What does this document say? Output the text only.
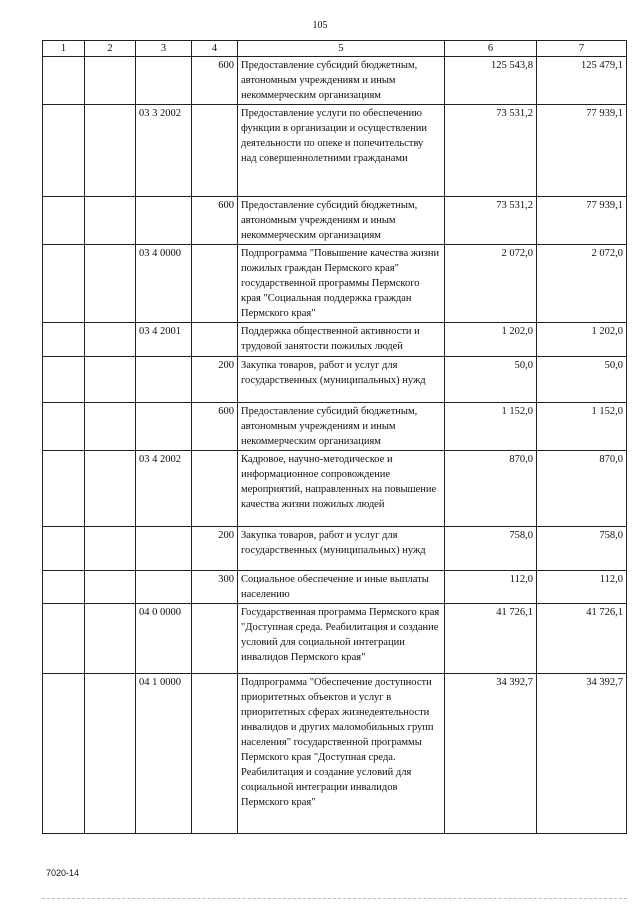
105
1	2	3	4	5	6	7
			600	Предоставление субсидий бюджетным, автономным учреждениям и иным некоммерческим организациям	125 543,8	125 479,1
		03 3 2002		Предоставление услуги по обеспечению функции в организации и осуществлении деятельности по опеке и попечительству над совершеннолетними гражданами	73 531,2	77 939,1
			600	Предоставление субсидий бюджетным, автономным учреждениям и иным некоммерческим организациям	73 531,2	77 939,1
		03 4 0000		Подпрограмма "Повышение качества жизни пожилых граждан Пермского края" государственной программы Пермского края "Социальная поддержка граждан Пермского края"	2 072,0	2 072,0
		03 4 2001		Поддержка общественной активности и трудовой занятости пожилых людей	1 202,0	1 202,0
			200	Закупка товаров, работ и услуг для государственных (муниципальных) нужд	50,0	50,0
			600	Предоставление субсидий бюджетным, автономным учреждениям и иным некоммерческим организациям	1 152,0	1 152,0
		03 4 2002		Кадровое, научно-методическое и информационное сопровождение мероприятий, направленных на повышение качества жизни пожилых людей	870,0	870,0
			200	Закупка товаров, работ и услуг для государственных (муниципальных) нужд	758,0	758,0
			300	Социальное обеспечение и иные выплаты населению	112,0	112,0
		04 0 0000		Государственная программа Пермского края "Доступная среда. Реабилитация и создание условий для социальной интеграции инвалидов Пермского края"	41 726,1	41 726,1
		04 1 0000		Подпрограмма "Обеспечение доступности приоритетных объектов и услуг в приоритетных сферах жизнедеятельности инвалидов и других маломобильных групп населения" государственной программы Пермского края "Доступная среда. Реабилитация и создание условий для социальной интеграции инвалидов Пермского края"	34 392,7	34 392,7
7020-14
